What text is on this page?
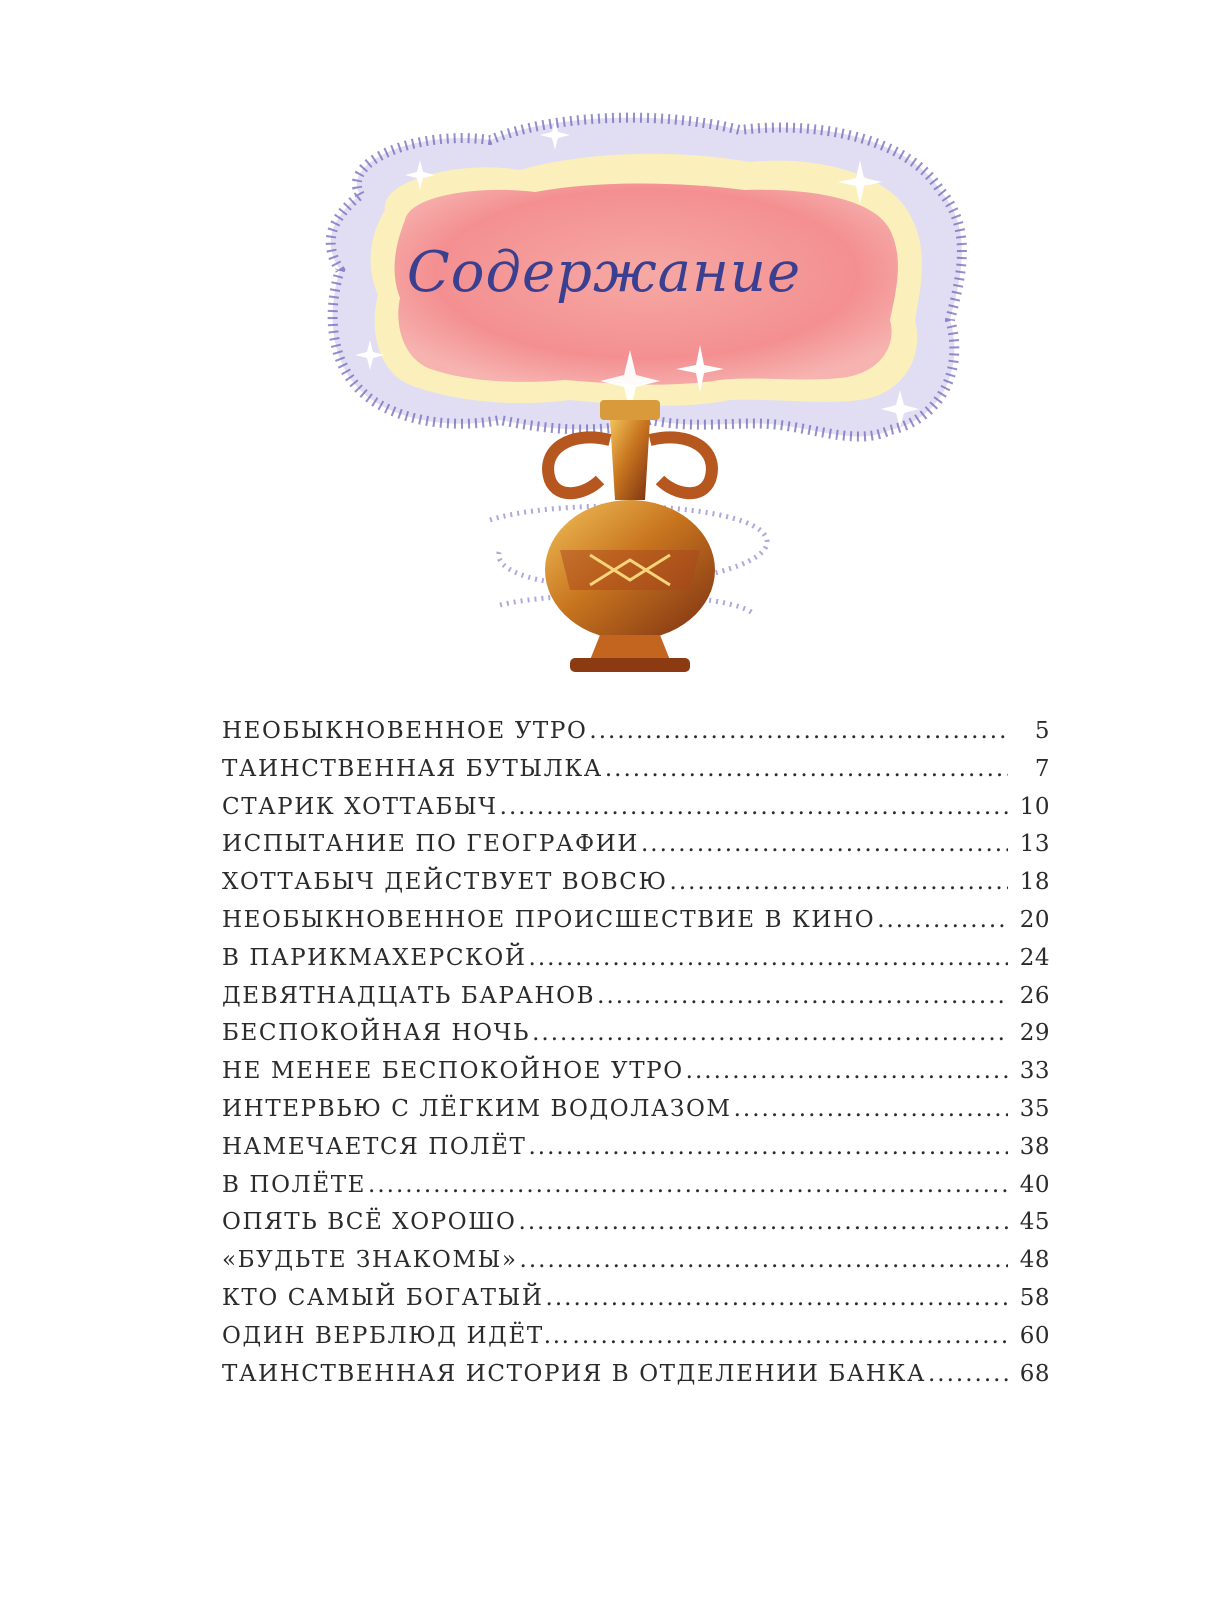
Содержание
НЕОБЫКНОВЕННОЕ УТРО .....	5
ТАИНСТВЕННАЯ БУТЫЛКА .....	7
СТАРИК ХОТТАБЫЧ .....	10
ИСПЫТАНИЕ ПО ГЕОГРАФИИ .....	13
ХОТТАБЫЧ ДЕЙСТВУЕТ ВОВСЮ .....	18
НЕОБЫКНОВЕННОЕ ПРОИСШЕСТВИЕ В КИНО .....	20
В ПАРИКМАХЕРСКОЙ .....	24
ДЕВЯТНАДЦАТЬ БАРАНОВ .....	26
БЕСПОКОЙНАЯ НОЧЬ .....	29
НЕ МЕНЕЕ БЕСПОКОЙНОЕ УТРО .....	33
ИНТЕРВЬЮ С ЛЁГКИМ ВОДОЛАЗОМ .....	35
НАМЕЧАЕТСЯ ПОЛЁТ .....	38
В ПОЛЁТЕ .....	40
ОПЯТЬ ВСЁ ХОРОШО .....	45
«БУДЬТЕ ЗНАКОМЫ» .....	48
КТО САМЫЙ БОГАТЫЙ .....	58
ОДИН ВЕРБЛЮД ИДЁТ... .....	60
ТАИНСТВЕННАЯ ИСТОРИЯ В ОТДЕЛЕНИИ БАНКА .....	68
